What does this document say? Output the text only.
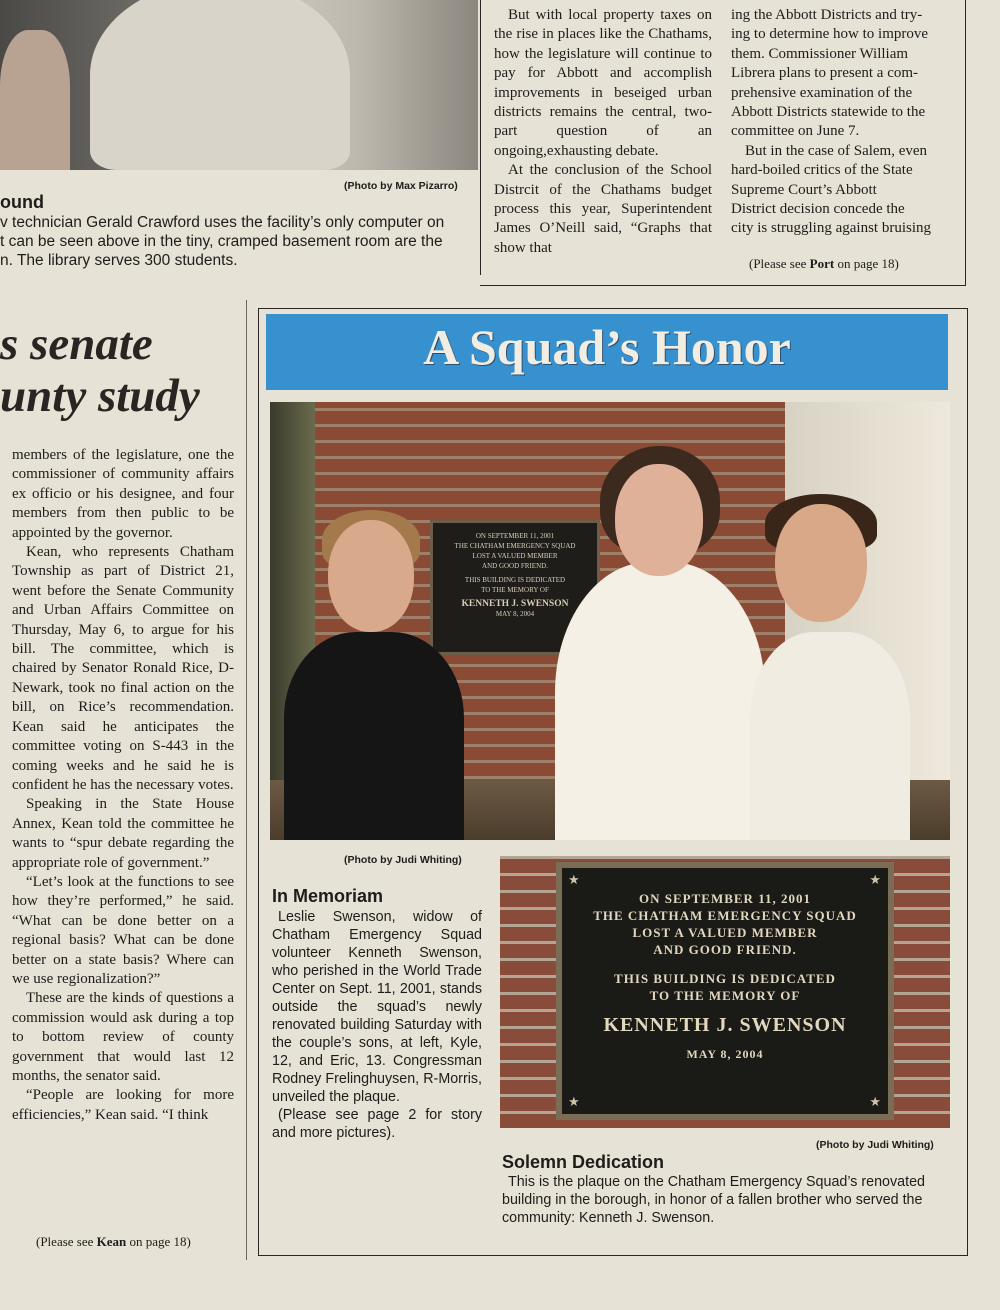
(Photo by Max Pizarro)
ound
v technician Gerald Crawford uses the facility’s only computer on
t can be seen above in the tiny, cramped basement room are the
n. The library serves 300 students.

But with local property taxes on the rise in places like the Chathams, how the legislature will continue to pay for Abbott and accomplish improvements in beseiged urban districts remains the central, two-part question of an ongoing,exhausting debate.

At the conclusion of the School Distrcit of the Chathams budget process this year, Superintendent James O’Neill said, “Graphs that show that

ing the Abbott Districts and try-
ing to determine how to improve
them. Commissioner William
Librera plans to present a com-
prehensive examination of the
Abbott Districts statewide to the
committee on June 7.
But in the case of Salem, even
hard-boiled critics of the State
Supreme Court’s Abbott
District decision concede the
city is struggling against bruising
(Please see Port on page 18)
s senate
unty study

members of the legislature, one the commissioner of community affairs ex officio or his designee, and four members from then public to be appointed by the governor.

Kean, who represents Chatham Township as part of District 21, went before the Senate Community and Urban Affairs Committee on Thursday, May 6, to argue for his bill. The committee, which is chaired by Senator Ronald Rice, D-Newark, took no final action on the bill, on Rice’s recommendation. Kean said he anticipates the committee voting on S-443 in the coming weeks and he said he is confident he has the necessary votes.

Speaking in the State House Annex, Kean told the committee he wants to “spur debate regarding the appropriate role of government.”

“Let’s look at the functions to see how they’re performed,” he said. “What can be done better on a regional basis? What can be done better on a state basis? Where can we use regionalization?”

These are the kinds of questions a commission would ask during a top to bottom review of county government that would last 12 months, the senator said.

“People are looking for more efficiencies,” Kean said. “I think

(Please see Kean on page 18)
A Squad’s Honor
ON SEPTEMBER 11, 2001
THE CHATHAM EMERGENCY SQUAD
LOST A VALUED MEMBER
AND GOOD FRIEND.
THIS BUILDING IS DEDICATED
TO THE MEMORY OF
KENNETH J. SWENSON
MAY 8, 2004
(Photo by Judi Whiting)
In Memoriam
Leslie Swenson, widow of Chatham Emergency Squad volunteer Kenneth Swenson, who perished in the World Trade Center on Sept. 11, 2001, stands outside the squad’s newly renovated building Saturday with the couple’s sons, at left, Kyle, 12, and Eric, 13. Congressman Rodney Frelinghuysen, R-Morris, unveiled the plaque.
(Please see page 2 for story and more pictures).
★	★
★	★
ON SEPTEMBER 11, 2001
THE CHATHAM EMERGENCY SQUAD
LOST A VALUED MEMBER
AND GOOD FRIEND.
THIS BUILDING IS DEDICATED
TO THE MEMORY OF
KENNETH J. SWENSON
MAY 8, 2004
(Photo by Judi Whiting)
Solemn Dedication
This is the plaque on the Chatham Emergency Squad’s renovated building in the borough, in honor of a fallen brother who served the community: Kenneth J. Swenson.
